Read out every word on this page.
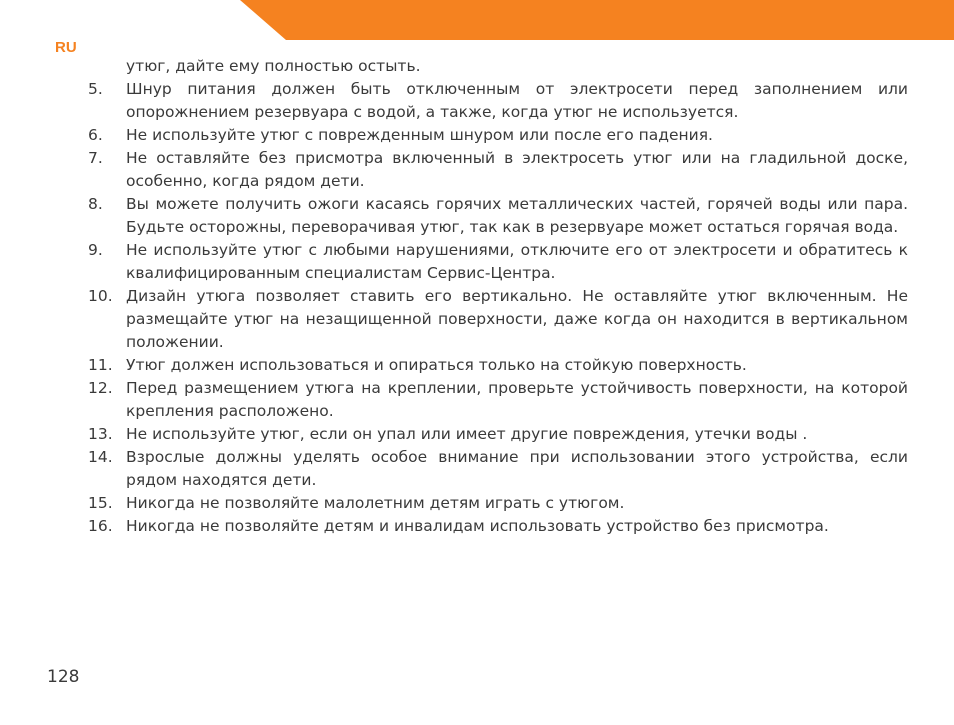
RU

утюг, дайте ему полностью остыть.

5.	Шнур питания должен быть отключенным от электросети перед заполнением или опорожнением резервуара с водой, а также, когда утюг не используется.
6.	Не используйте утюг с поврежденным шнуром или после его падения.
7.	Не оставляйте без присмотра включенный в электросеть утюг или на гладильной доске, особенно, когда рядом дети.
8.	Вы можете получить ожоги касаясь горячих металлических частей, горячей воды или пара. Будьте осторожны, переворачивая утюг, так как в резервуаре может остаться горячая вода.
9.	Не используйте утюг с любыми нарушениями, отключите его от электросети и обратитесь к квалифицированным специалистам Сервис-Центра.
10. Дизайн утюга позволяет ставить его вертикально. Не оставляйте утюг включенным. Не размещайте утюг на незащищенной поверхности, даже когда он находится в вертикальном положении.
11. Утюг должен использоваться и опираться только на стойкую поверхность.
12. Перед размещением утюга на креплении, проверьте устойчивость поверхности, на которой крепления расположено.
13. Не используйте утюг, если он упал или имеет другие повреждения, утечки воды .
14. Взрослые должны уделять особое внимание при использовании этого устройства, если рядом находятся дети.
15. Никогда не позволяйте малолетним детям играть с утюгом.
16. Никогда не позволяйте детям и инвалидам использовать устройство без присмотра.
128
